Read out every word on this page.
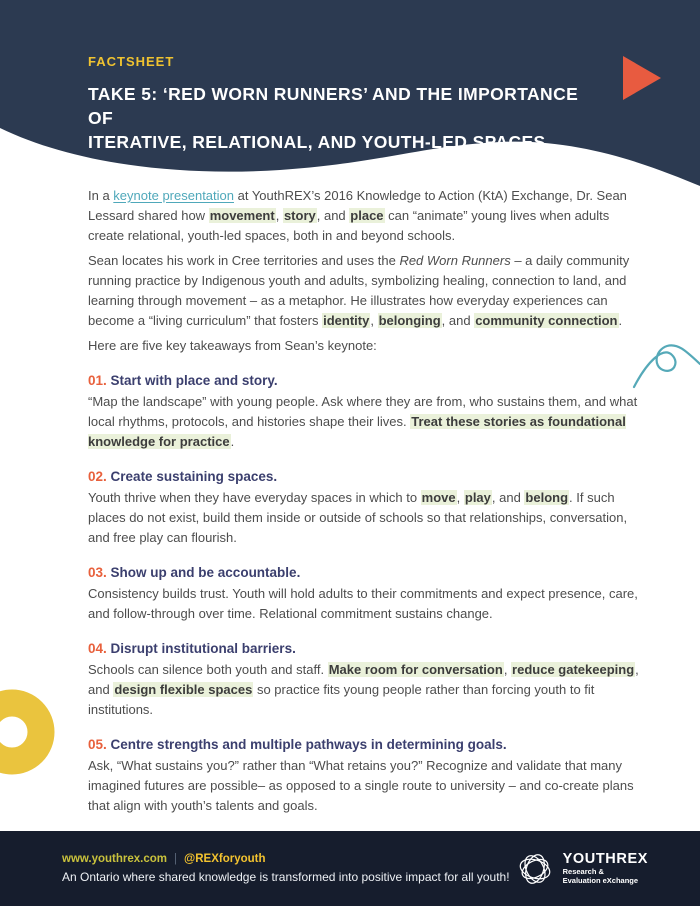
FACTSHEET
TAKE 5: ‘RED WORN RUNNERS’ AND THE IMPORTANCE OF
ITERATIVE, RELATIONAL, AND YOUTH-LED SPACES

In a keynote presentation at YouthREX’s 2016 Knowledge to Action (KtA) Exchange, Dr. Sean Lessard shared how movement, story, and place can “animate” young lives when adults create relational, youth-led spaces, both in and beyond schools.

Sean locates his work in Cree territories and uses the Red Worn Runners – a daily community running practice by Indigenous youth and adults, symbolizing healing, connection to land, and learning through movement – as a metaphor. He illustrates how everyday experiences can become a “living curriculum” that fosters identity, belonging, and community connection.

Here are five key takeaways from Sean’s keynote:

01. Start with place and story.

“Map the landscape” with young people. Ask where they are from, who sustains them, and what local rhythms, protocols, and histories shape their lives. Treat these stories as foundational knowledge for practice.

02. Create sustaining spaces.

Youth thrive when they have everyday spaces in which to move, play, and belong. If such places do not exist, build them inside or outside of schools so that relationships, conversation, and free play can flourish.

03. Show up and be accountable.

Consistency builds trust. Youth will hold adults to their commitments and expect presence, care, and follow-through over time. Relational commitment sustains change.

04. Disrupt institutional barriers.

Schools can silence both youth and staff. Make room for conversation, reduce gatekeeping, and design flexible spaces so practice fits young people rather than forcing youth to fit institutions.

05. Centre strengths and multiple pathways in determining goals.

Ask, “What sustains you?” rather than “What retains you?” Recognize and validate that many imagined futures are possible– as opposed to a single route to university – and co-create plans that align with youth’s talents and goals.

www.youthrex.com | @REXforyouth
An Ontario where shared knowledge is transformed into positive impact for all youth!
YOUTHREX
Research &
Evaluation eXchange
